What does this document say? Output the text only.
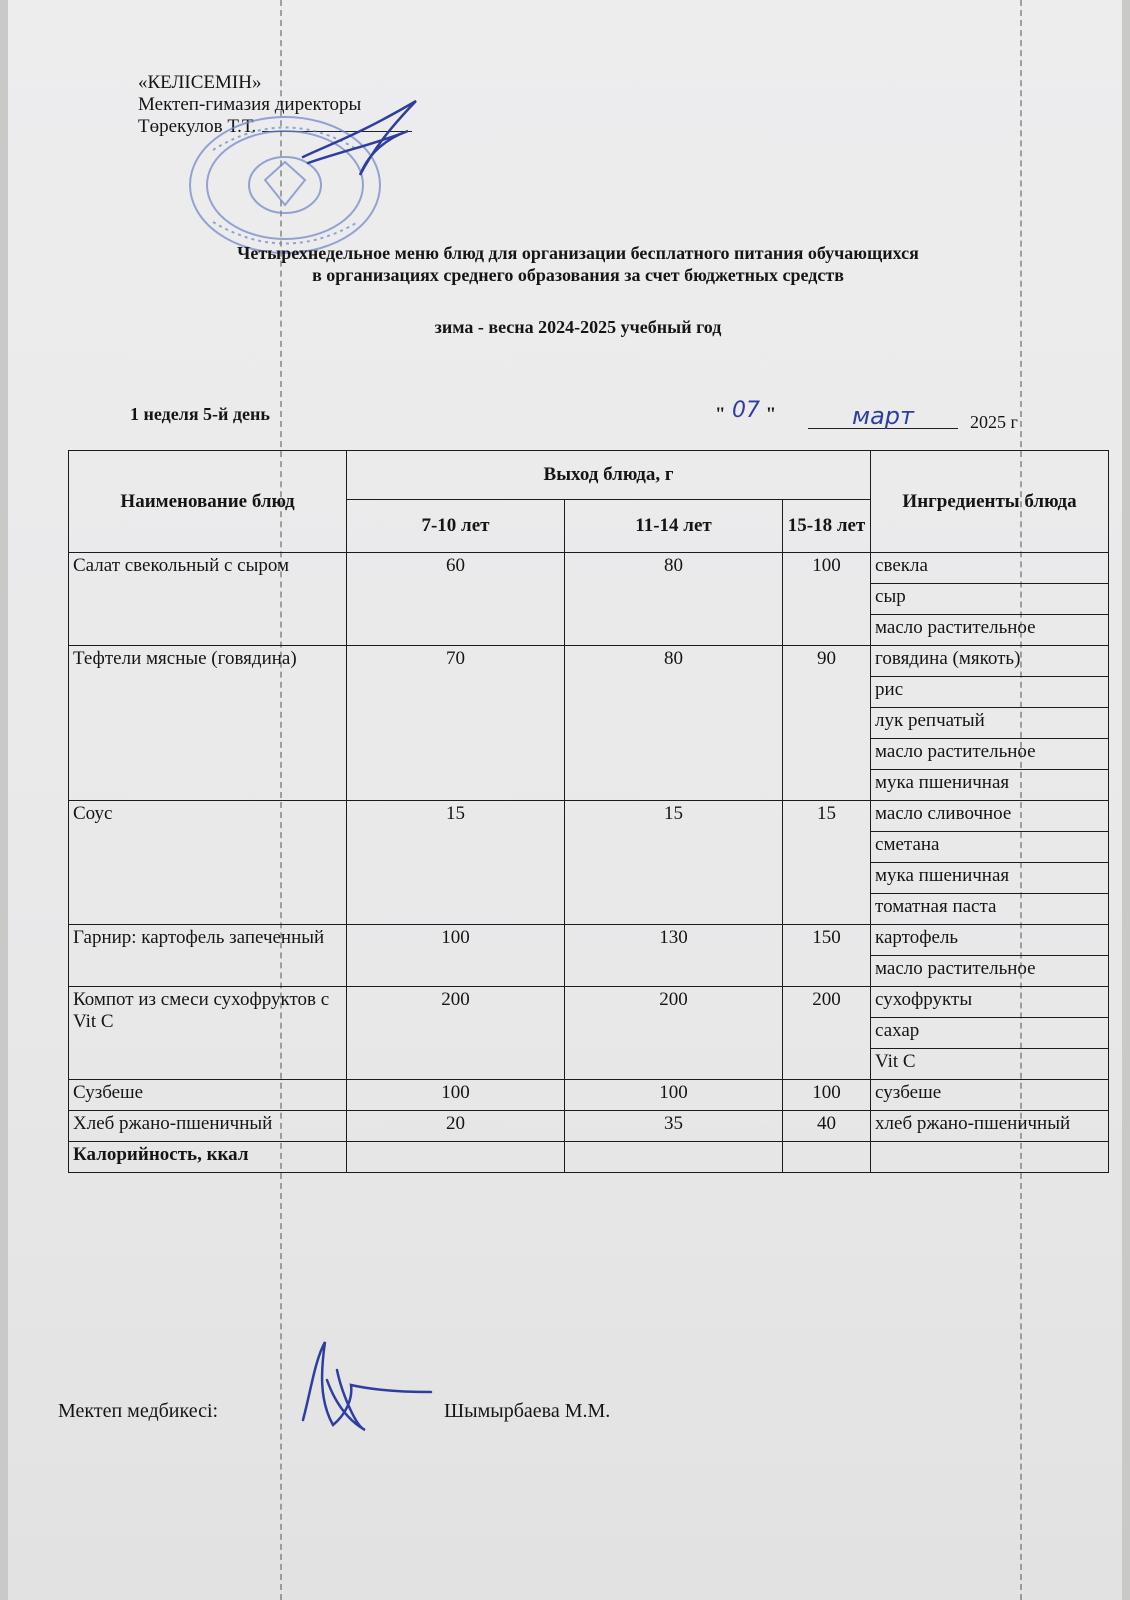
«КЕЛІСЕМІН»
Мектеп-гимазия директоры
Төрекулов Т.Т.
Четырехнедельное меню блюд для организации бесплатного питания обучающихся
в организациях среднего образования за счет бюджетных средств
зима - весна 2024-2025 учебный год
1 неделя 5-й день	" "
07	март	2025 г
Наименование блюд	Выход блюда, г			Ингредиенты блюда
	7-10 лет	11-14 лет	15-18 лет	
Салат свекольный с сыром	60	80	100	свекла
				сыр
				масло растительное
Тефтели мясные (говядина)	70	80	90	говядина (мякоть)
				рис
				лук репчатый
				масло растительное
				мука пшеничная
Соус	15	15	15	масло сливочное
				сметана
				мука пшеничная
				томатная паста
Гарнир: картофель запеченный	100	130	150	картофель
				масло растительное
Компот из смеси сухофруктов с Vit C	200	200	200	сухофрукты
				сахар
				Vit C
Сузбеше	100	100	100	сузбеше
Хлеб ржано-пшеничный	20	35	40	хлеб ржано-пшеничный
Калорийность, ккал				
Мектеп медбикесі:	Шымырбаева М.М.
